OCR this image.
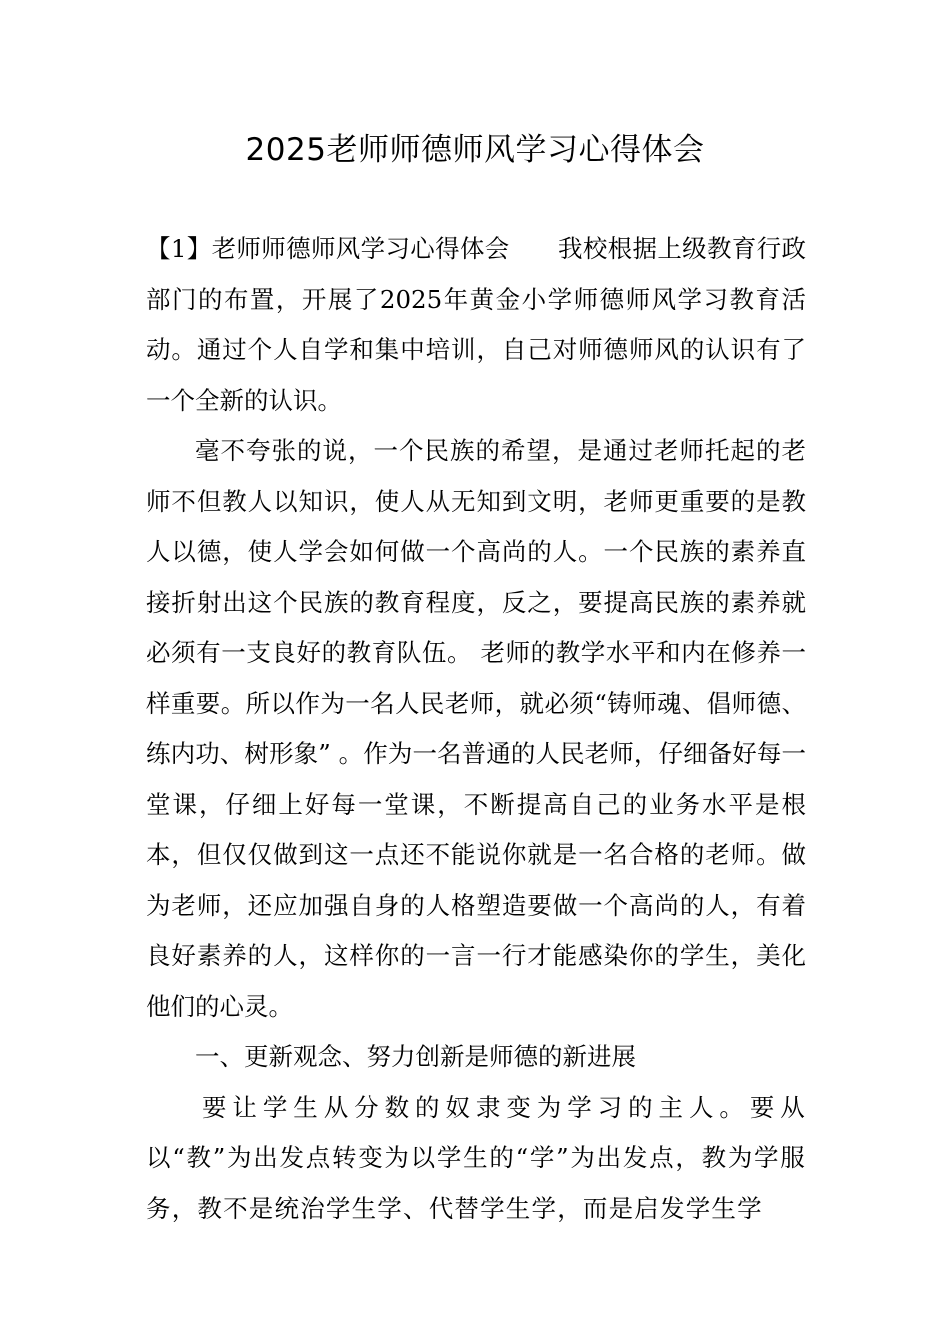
2025老师师德师风学习心得体会

【1】老师师德师风学习心得体会 我校根据上级教育行政部门的布置，开展了2025年黄金小学师德师风学习教育活动。通过个人自学和集中培训，自己对师德师风的认识有了一个全新的认识。

毫不夸张的说，一个民族的希望，是通过老师托起的老师不但教人以知识，使人从无知到文明，老师更重要的是教人以德，使人学会如何做一个高尚的人。一个民族的素养直接折射出这个民族的教育程度，反之，要提高民族的素养就必须有一支良好的教育队伍。 老师的教学水平和内在修养一样重要。所以作为一名人民老师，就必须“铸师魂、倡师德、练内功、树形象” 。作为一名普通的人民老师，仔细备好每一堂课，仔细上好每一堂课，不断提高自己的业务水平是根本，但仅仅做到这一点还不能说你就是一名合格的老师。做为老师，还应加强自身的人格塑造要做一个高尚的人，有着良好素养的人，这样你的一言一行才能感染你的学生，美化他们的心灵。

一、更新观念、努力创新是师德的新进展

要让学生从分数的奴隶变为学习的主人。要从以“教”为出发点转变为以学生的“学”为出发点，教为学服务，教不是统治学生学、代替学生学，而是启发学生学
